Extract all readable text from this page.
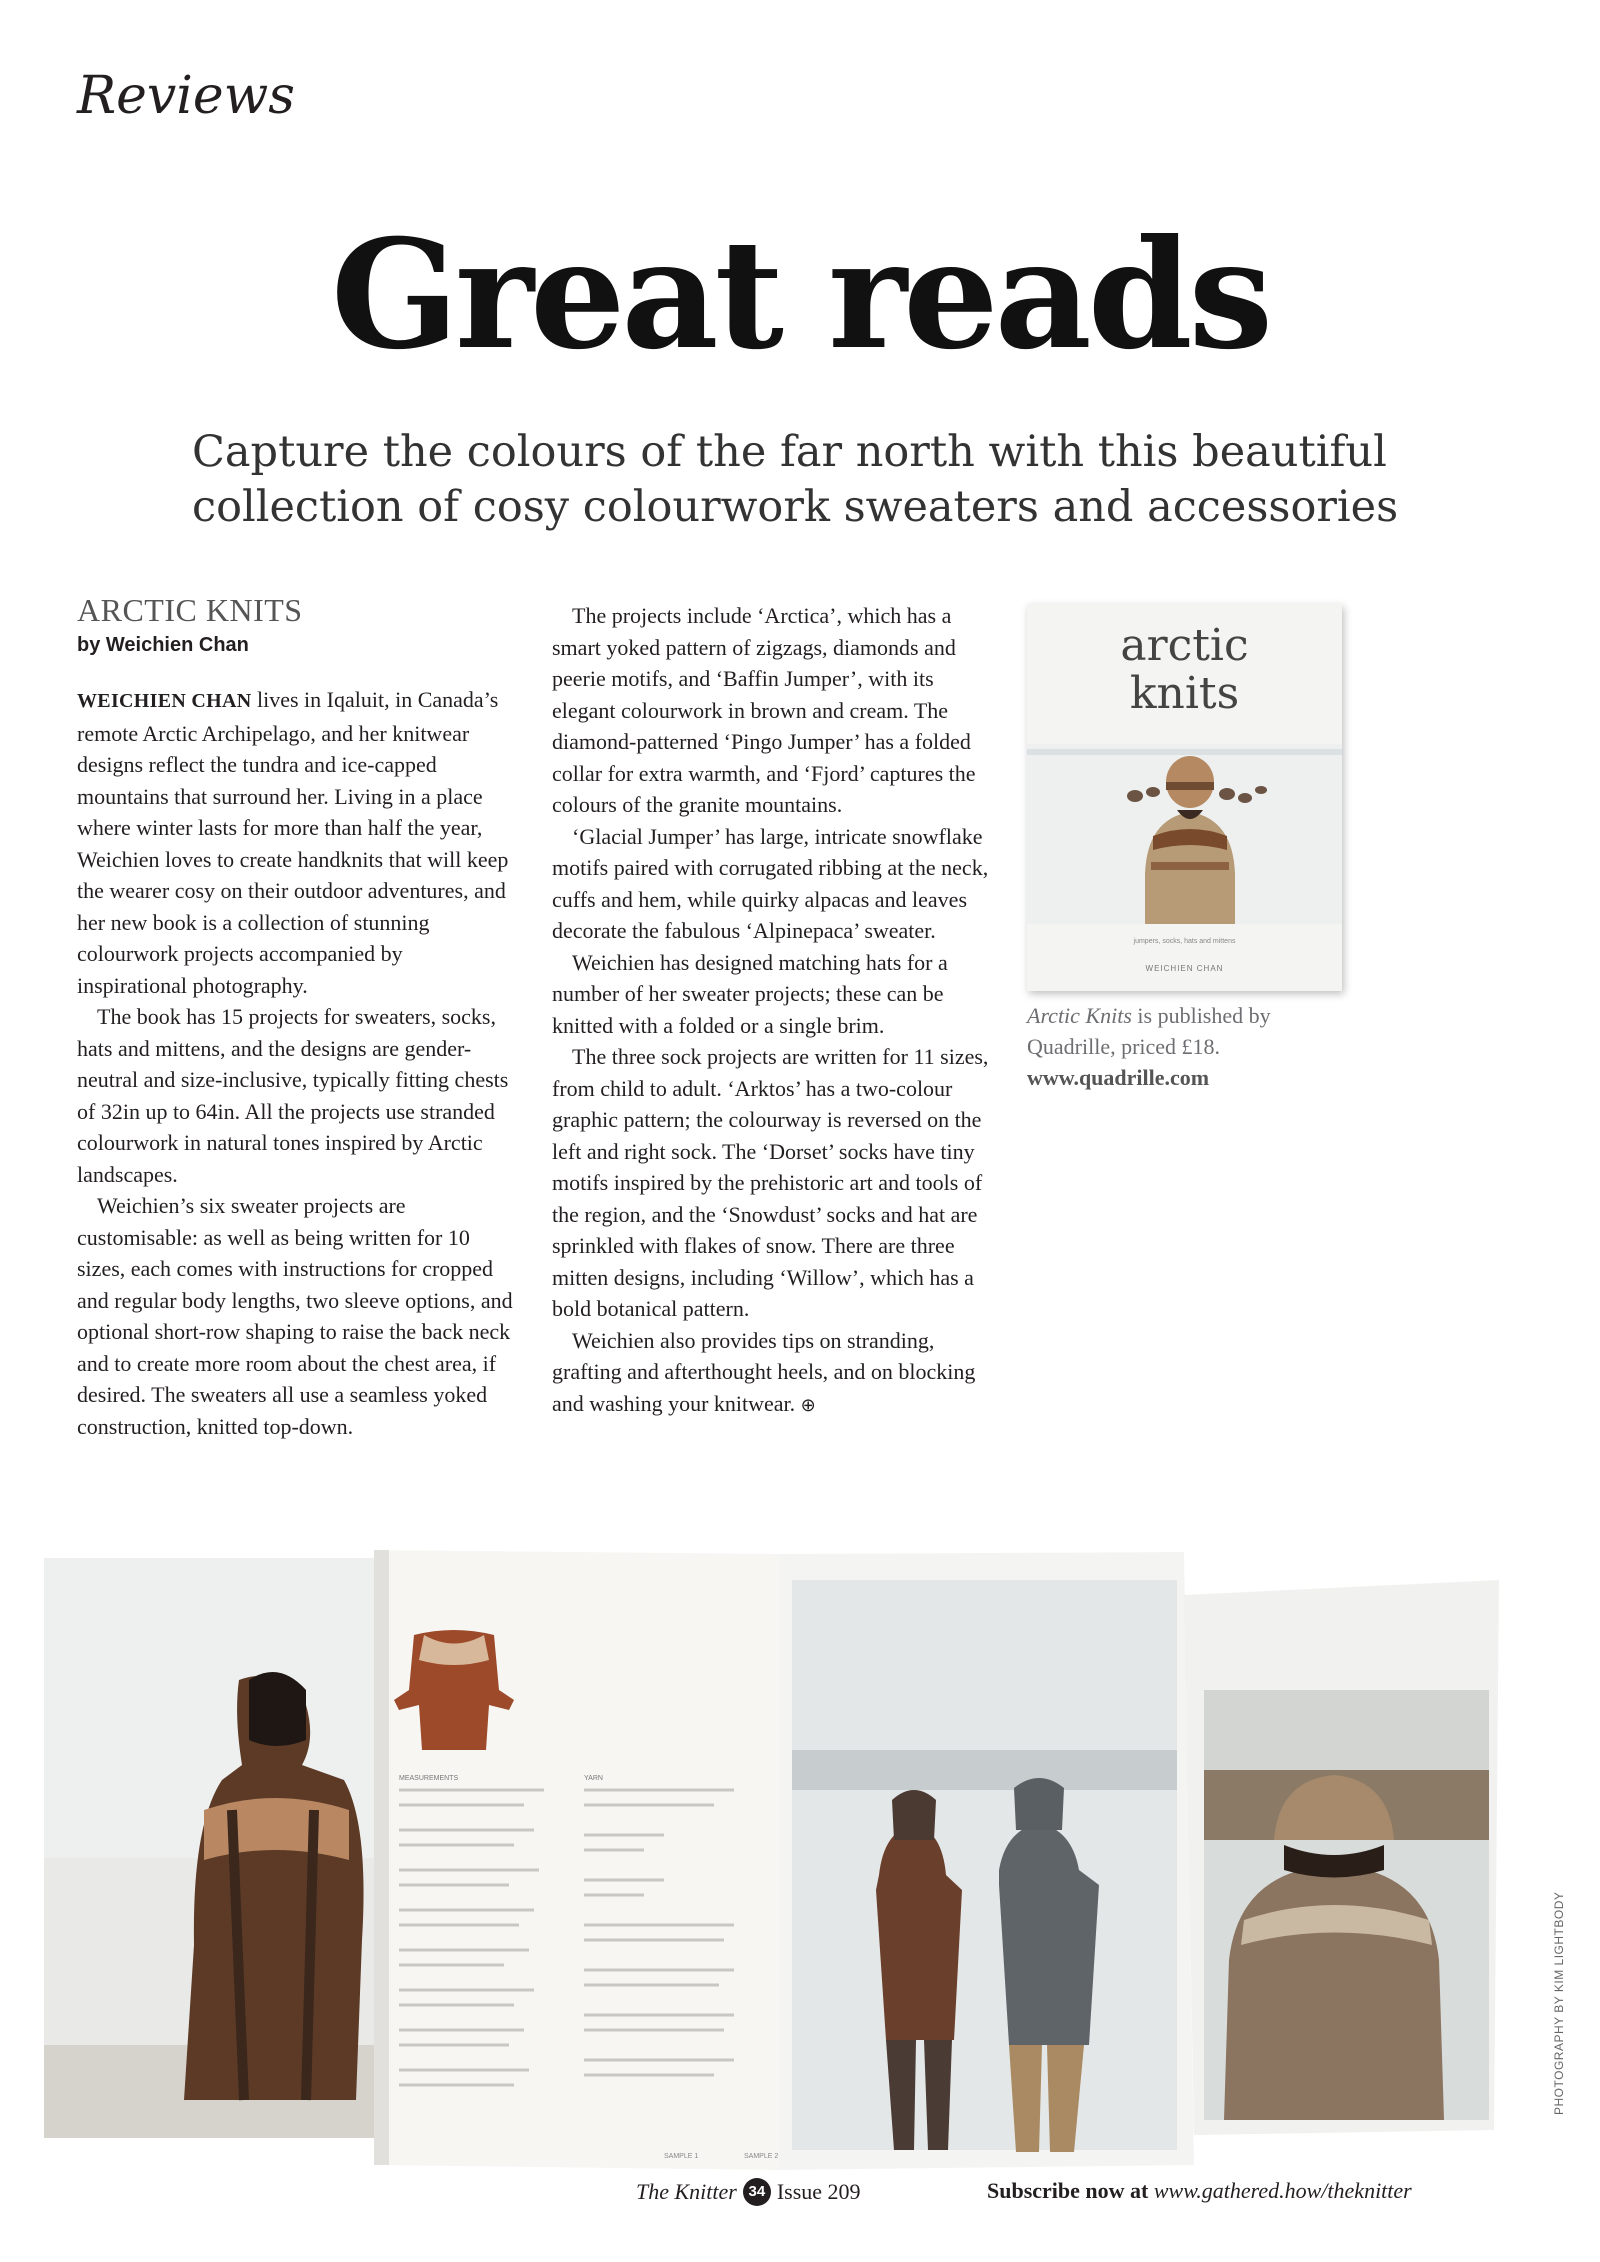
Reviews
Great reads
Capture the colours of the far north with this beautiful collection of cosy colourwork sweaters and accessories
ARCTIC KNITS
by Weichien Chan

WEICHIEN CHAN lives in Iqaluit, in Canada’s remote Arctic Archipelago, and her knitwear designs reflect the tundra and ice-capped mountains that surround her. Living in a place where winter lasts for more than half the year, Weichien loves to create handknits that will keep the wearer cosy on their outdoor adventures, and her new book is a collection of stunning colourwork projects accompanied by inspirational photography.

The book has 15 projects for sweaters, socks, hats and mittens, and the designs are gender-neutral and size-inclusive, typically fitting chests of 32in up to 64in. All the projects use stranded colourwork in natural tones inspired by Arctic landscapes.

Weichien’s six sweater projects are customisable: as well as being written for 10 sizes, each comes with instructions for cropped and regular body lengths, two sleeve options, and optional short-row shaping to raise the back neck and to create more room about the chest area, if desired. The sweaters all use a seamless yoked construction, knitted top-down.

The projects include ‘Arctica’, which has a smart yoked pattern of zigzags, diamonds and peerie motifs, and ‘Baffin Jumper’, with its elegant colourwork in brown and cream. The diamond-patterned ‘Pingo Jumper’ has a folded collar for extra warmth, and ‘Fjord’ captures the colours of the granite mountains.

‘Glacial Jumper’ has large, intricate snowflake motifs paired with corrugated ribbing at the neck, cuffs and hem, while quirky alpacas and leaves decorate the fabulous ‘Alpinepaca’ sweater.

Weichien has designed matching hats for a number of her sweater projects; these can be knitted with a folded or a single brim.

The three sock projects are written for 11 sizes, from child to adult. ‘Arktos’ has a two-colour graphic pattern; the colourway is reversed on the left and right sock. The ‘Dorset’ socks have tiny motifs inspired by the prehistoric art and tools of the region, and the ‘Snowdust’ socks and hat are sprinkled with flakes of snow. There are three mitten designs, including ‘Willow’, which has a bold botanical pattern.

Weichien also provides tips on stranding, grafting and afterthought heels, and on blocking and washing your knitwear. ⊕

arctic
knits
jumpers, socks, hats and mittens
WEICHIEN CHAN
Arctic Knits is published by Quadrille, priced £18.
www.quadrille.com
SAMPLE 1	SAMPLE 2
MEASUREMENTS	YARN
PHOTOGRAPHY BY KIM LIGHTBODY
The Knitter 34 Issue 209	Subscribe now at www.gathered.how/theknitter
